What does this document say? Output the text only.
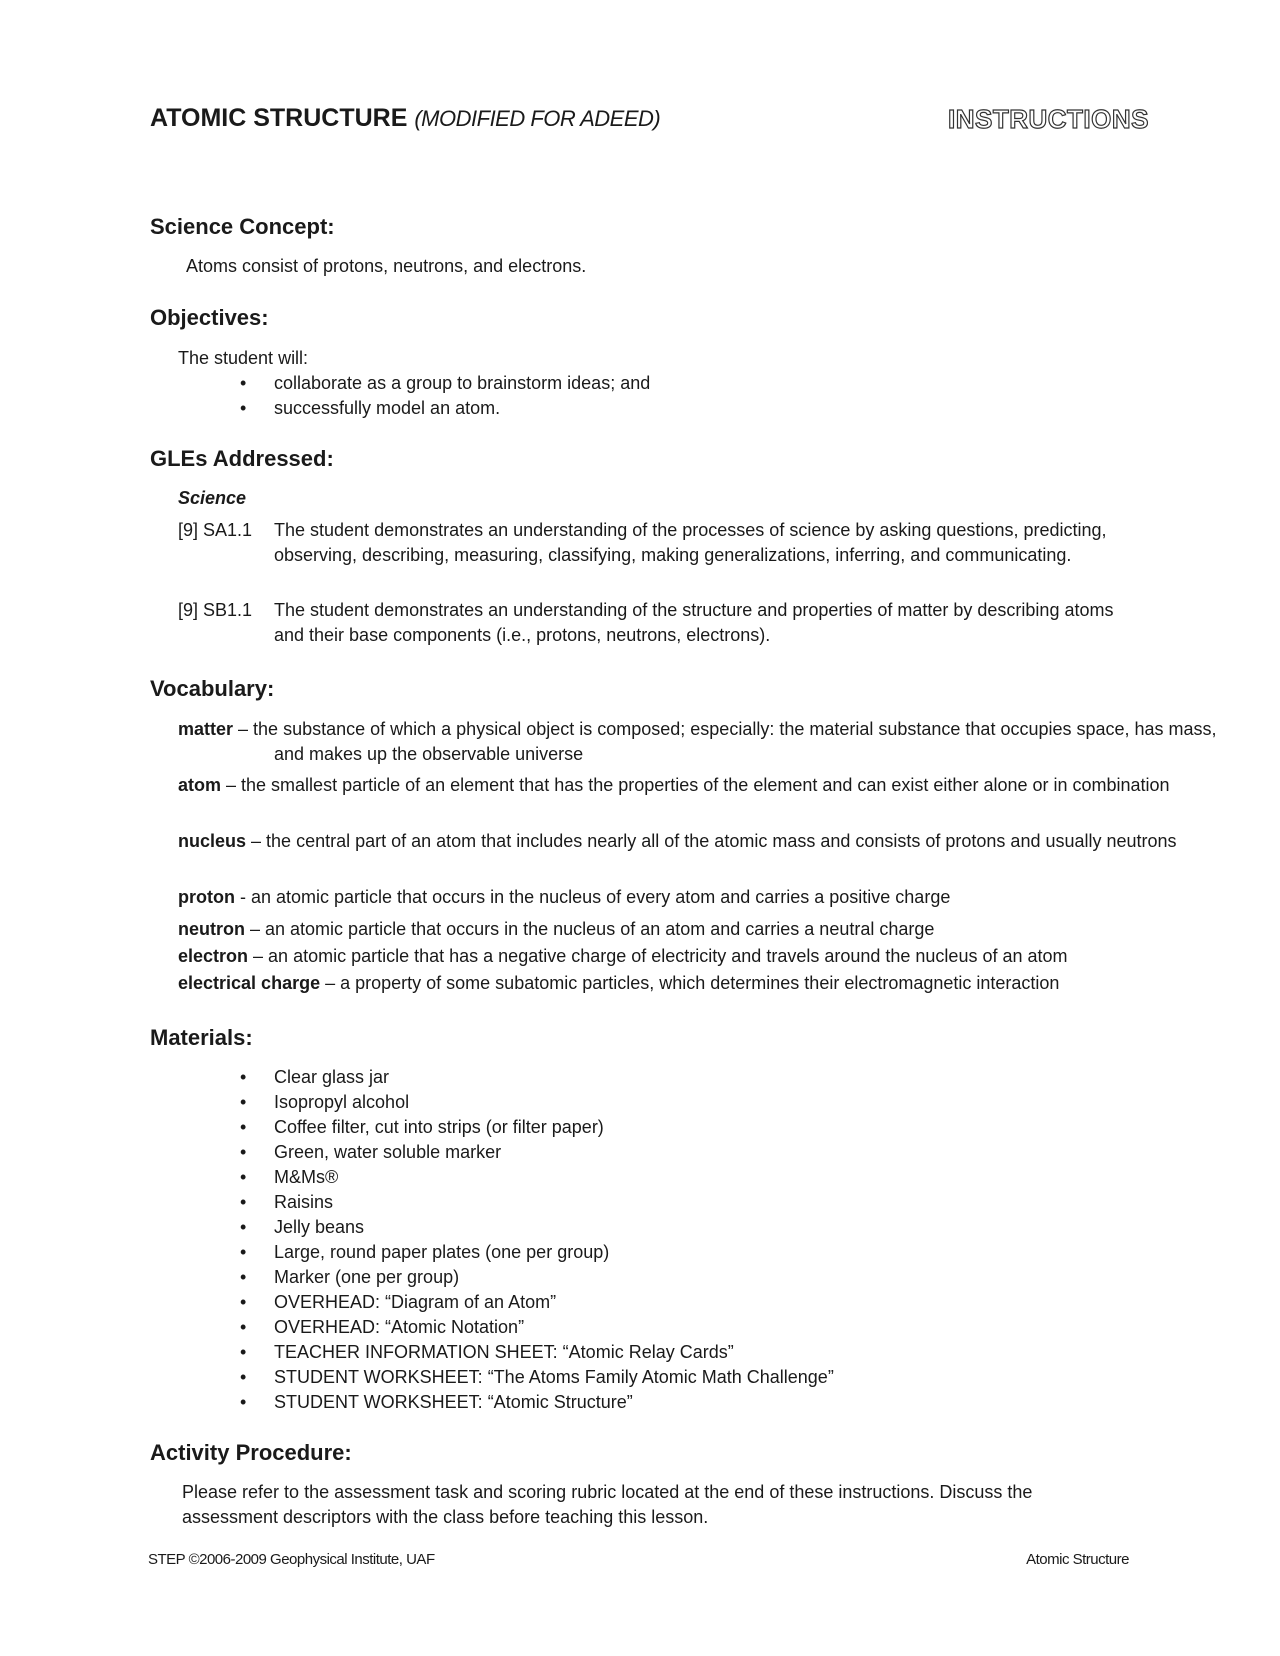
ATOMIC STRUCTURE (MODIFIED FOR ADEED)	INSTRUCTIONS
Science Concept:

Atoms consist of protons, neutrons, and electrons.

Objectives:

The student will:

• collaborate as a group to brainstorm ideas; and
• successfully model an atom.
GLEs Addressed:

Science

[9] SA1.1	The student demonstrates an understanding of the processes of science by asking questions, predicting, observing, describing, measuring, classifying, making generalizations, inferring, and communicating.
[9] SB1.1	The student demonstrates an understanding of the structure and properties of matter by describing atoms and their base components (i.e., protons, neutrons, electrons).
Vocabulary:
matter – the substance of which a physical object is composed; especially: the material substance that occupies space, has mass, and makes up the observable universe
atom – the smallest particle of an element that has the properties of the element and can exist either alone or in combination
nucleus – the central part of an atom that includes nearly all of the atomic mass and consists of protons and usually neutrons
proton - an atomic particle that occurs in the nucleus of every atom and carries a positive charge
neutron – an atomic particle that occurs in the nucleus of an atom and carries a neutral charge
electron – an atomic particle that has a negative charge of electricity and travels around the nucleus of an atom
electrical charge – a property of some subatomic particles, which determines their electromagnetic interaction
Materials:
• Clear glass jar
• Isopropyl alcohol
• Coffee filter, cut into strips (or filter paper)
• Green, water soluble marker
• M&Ms®
• Raisins
• Jelly beans
• Large, round paper plates (one per group)
• Marker (one per group)
• OVERHEAD: “Diagram of an Atom”
• OVERHEAD: “Atomic Notation”
• TEACHER INFORMATION SHEET: “Atomic Relay Cards”
• STUDENT WORKSHEET: “The Atoms Family Atomic Math Challenge”
• STUDENT WORKSHEET: “Atomic Structure”
Activity Procedure:

Please refer to the assessment task and scoring rubric located at the end of these instructions. Discuss the assessment descriptors with the class before teaching this lesson.

STEP ©2006-2009 Geophysical Institute, UAF	Atomic Structure
